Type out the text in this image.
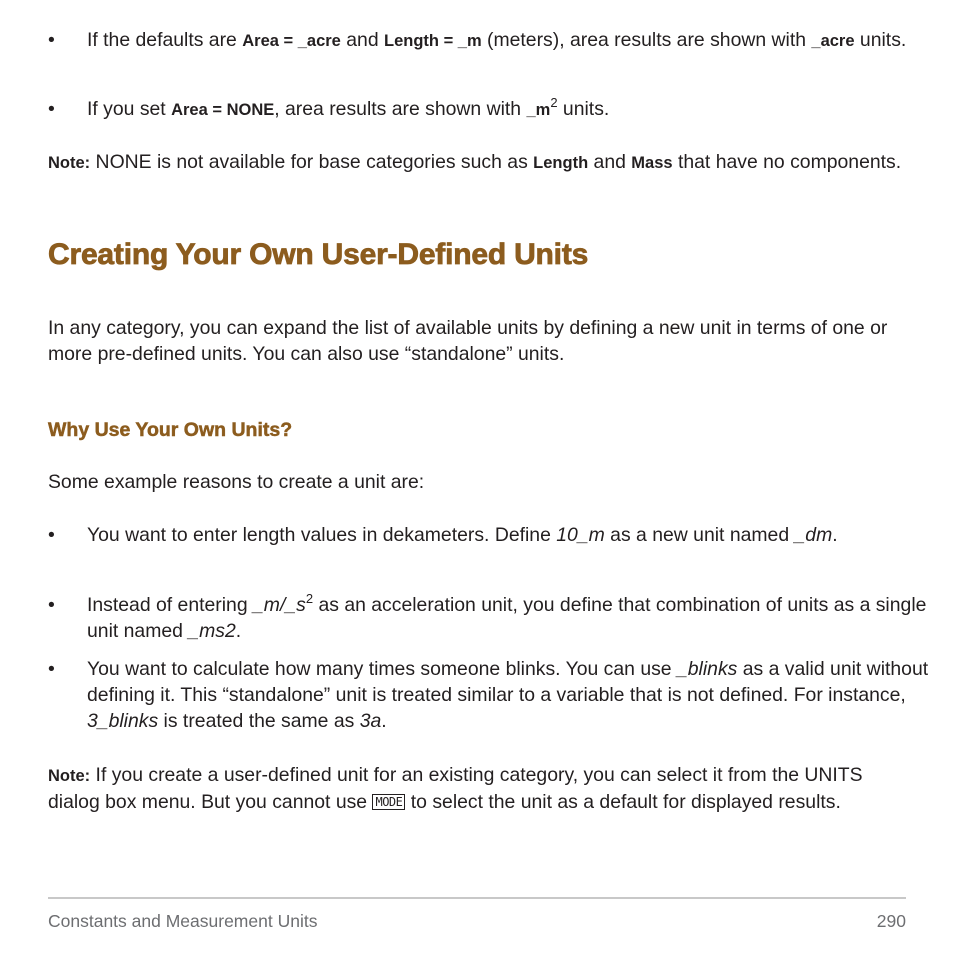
• If the defaults are Area = _acre and Length = _m (meters), area results are shown with _acre units.
• If you set Area = NONE, area results are shown with $\_m^2$ units.

Note: NONE is not available for base categories such as Length and Mass that have no components.

Creating Your Own User-Defined Units

In any category, you can expand the list of available units by defining a new unit in terms of one or more pre-defined units. You can also use “standalone” units.

Why Use Your Own Units?

Some example reasons to create a unit are:

• You want to enter length values in dekameters. Define 10_m as a new unit named _dm.
• Instead of entering $\_m/\_s^2$ as an acceleration unit, you define that combination of units as a single unit named _ms2.
• You want to calculate how many times someone blinks. You can use _blinks as a valid unit without defining it. This “standalone” unit is treated similar to a variable that is not defined. For instance, 3_blinks is treated the same as 3a.

Note: If you create a user-defined unit for an existing category, you can select it from the UNITS dialog box menu. But you cannot use MODE to select the unit as a default for displayed results.

Constants and Measurement Units	290
